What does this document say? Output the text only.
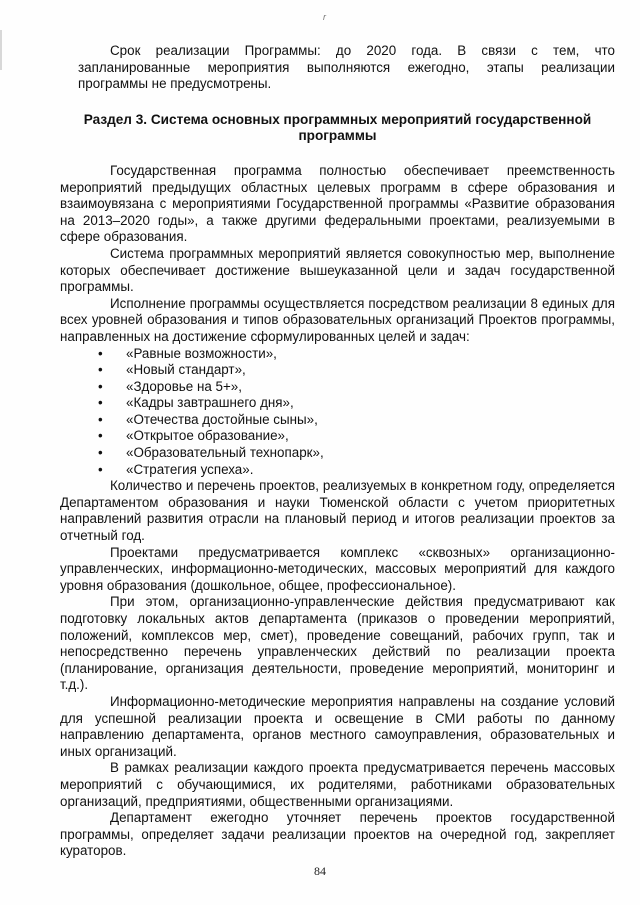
r

Срок реализации Программы: до 2020 года. В связи с тем, что запланированные мероприятия выполняются ежегодно, этапы реализации программы не предусмотрены.

Раздел 3. Система основных программных мероприятий государственной программы

Государственная программа полностью обеспечивает преемственность мероприятий предыдущих областных целевых программ в сфере образования и взаимоувязана с мероприятиями Государственной программы «Развитие образования на 2013–2020 годы», а также другими федеральными проектами, реализуемыми в сфере образования.

Система программных мероприятий является совокупностью мер, выполнение которых обеспечивает достижение вышеуказанной цели и задач государственной программы.

Исполнение программы осуществляется посредством реализации 8 единых для всех уровней образования и типов образовательных организаций Проектов программы, направленных на достижение сформулированных целей и задач:

• «Равные возможности»,
• «Новый стандарт»,
• «Здоровье на 5+»,
• «Кадры завтрашнего дня»,
• «Отечества достойные сыны»,
• «Открытое образование»,
• «Образовательный технопарк»,
• «Стратегия успеха».

Количество и перечень проектов, реализуемых в конкретном году, определяется Департаментом образования и науки Тюменской области с учетом приоритетных направлений развития отрасли на плановый период и итогов реализации проектов за отчетный год.

Проектами предусматривается комплекс «сквозных» организационно-управленческих, информационно-методических, массовых мероприятий для каждого уровня образования (дошкольное, общее, профессиональное).

При этом, организационно-управленческие действия предусматривают как подготовку локальных актов департамента (приказов о проведении мероприятий, положений, комплексов мер, смет), проведение совещаний, рабочих групп, так и непосредственно перечень управленческих действий по реализации проекта (планирование, организация деятельности, проведение мероприятий, мониторинг и т.д.).

Информационно-методические мероприятия направлены на создание условий для успешной реализации проекта и освещение в СМИ работы по данному направлению департамента, органов местного самоуправления, образовательных и иных организаций.

В рамках реализации каждого проекта предусматривается перечень массовых мероприятий с обучающимися, их родителями, работниками образовательных организаций, предприятиями, общественными организациями.

Департамент ежегодно уточняет перечень проектов государственной программы, определяет задачи реализации проектов на очередной год, закрепляет кураторов.

84
